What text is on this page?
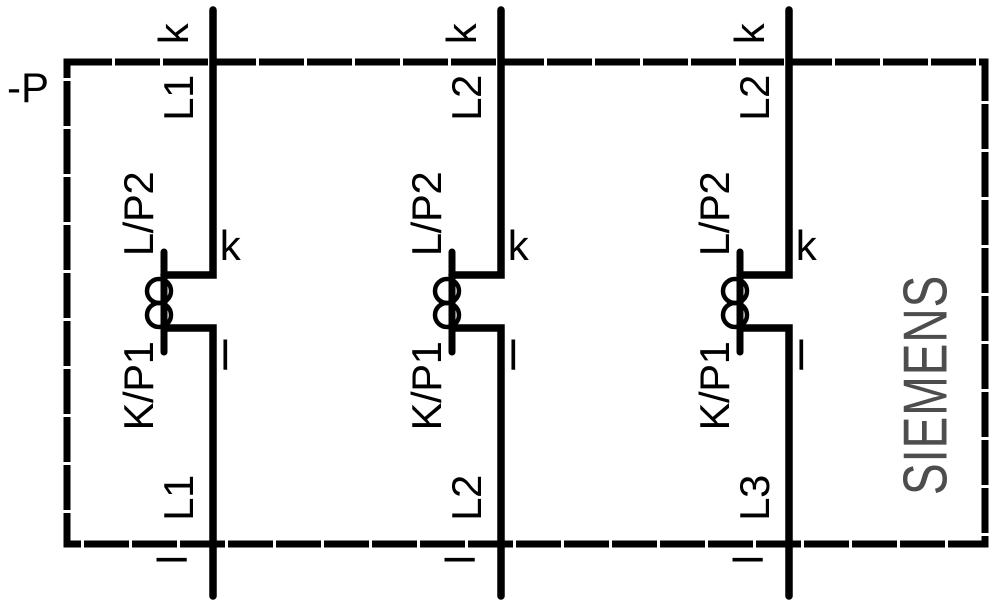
-P
k
L1
L/P2 k
K/P1 l
L1
l
k
L2
L/P2 k
K/P1 l
L2
l
k
L2
L/P2 k
K/P1 l
L3
l
SIEMENS
